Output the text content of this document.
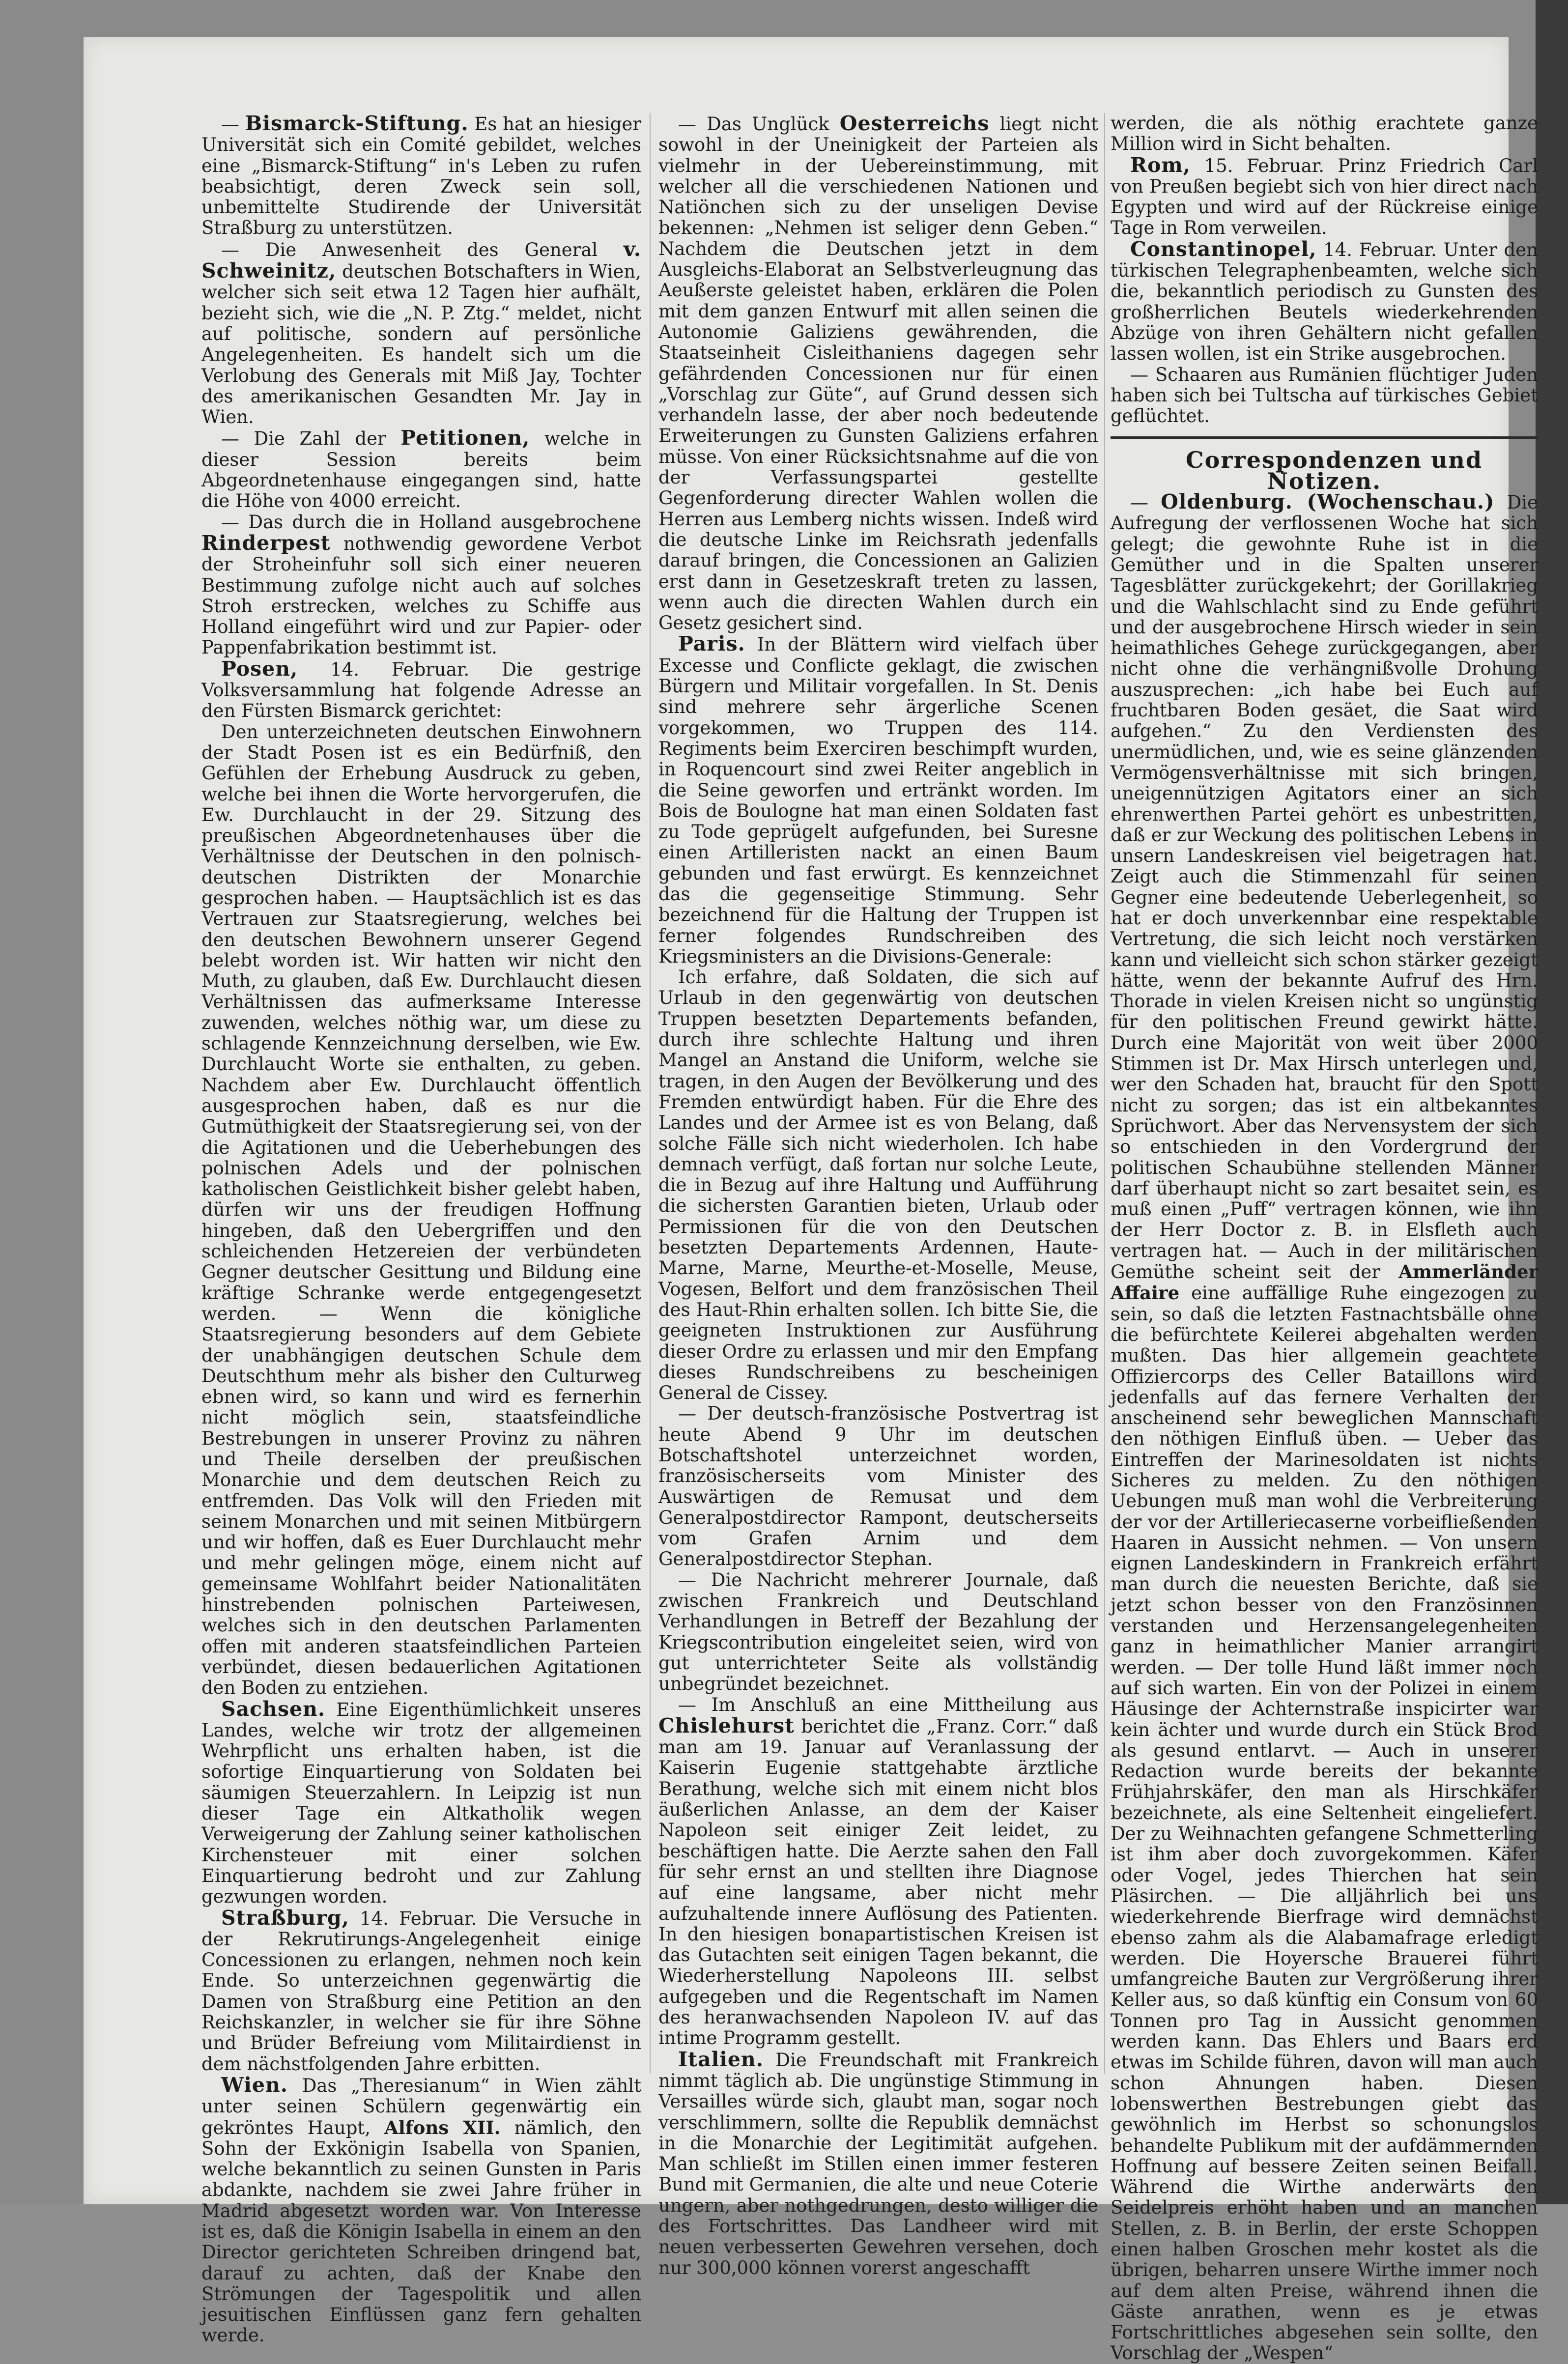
— Bismarck-Stiftung. Es hat an hiesiger Universität sich ein Comité gebildet, welches eine „Bismarck-Stiftung“ in's Leben zu rufen beabsichtigt, deren Zweck sein soll, unbemittelte Studirende der Universität Straßburg zu unterstützen.

— Die Anwesenheit des General v. Schweinitz, deutschen Botschafters in Wien, welcher sich seit etwa 12 Tagen hier aufhält, bezieht sich, wie die „N. P. Ztg.“ meldet, nicht auf politische, sondern auf persönliche Angelegenheiten. Es handelt sich um die Verlobung des Generals mit Miß Jay, Tochter des amerikanischen Gesandten Mr. Jay in Wien.

— Die Zahl der Petitionen, welche in dieser Session bereits beim Abgeordnetenhause eingegangen sind, hatte die Höhe von 4000 erreicht.

— Das durch die in Holland ausgebrochene Rinderpest nothwendig gewordene Verbot der Stroheinfuhr soll sich einer neueren Bestimmung zufolge nicht auch auf solches Stroh erstrecken, welches zu Schiffe aus Holland eingeführt wird und zur Papier- oder Pappenfabrikation bestimmt ist.

Posen, 14. Februar. Die gestrige Volksversammlung hat folgende Adresse an den Fürsten Bismarck gerichtet:

Den unterzeichneten deutschen Einwohnern der Stadt Posen ist es ein Bedürfniß, den Gefühlen der Erhebung Ausdruck zu geben, welche bei ihnen die Worte hervorgerufen, die Ew. Durchlaucht in der 29. Sitzung des preußischen Abgeordnetenhauses über die Verhältnisse der Deutschen in den polnisch-deutschen Distrikten der Monarchie gesprochen haben. — Hauptsächlich ist es das Vertrauen zur Staatsregierung, welches bei den deutschen Bewohnern unserer Gegend belebt worden ist. Wir hatten wir nicht den Muth, zu glauben, daß Ew. Durchlaucht diesen Verhältnissen das aufmerksame Interesse zuwenden, welches nöthig war, um diese zu schlagende Kennzeichnung derselben, wie Ew. Durchlaucht Worte sie enthalten, zu geben. Nachdem aber Ew. Durchlaucht öffentlich ausgesprochen haben, daß es nur die Gutmüthigkeit der Staatsregierung sei, von der die Agitationen und die Ueberhebungen des polnischen Adels und der polnischen katholischen Geistlichkeit bisher gelebt haben, dürfen wir uns der freudigen Hoffnung hingeben, daß den Uebergriffen und den schleichenden Hetzereien der verbündeten Gegner deutscher Gesittung und Bildung eine kräftige Schranke werde entgegengesetzt werden. — Wenn die königliche Staatsregierung besonders auf dem Gebiete der unabhängigen deutschen Schule dem Deutschthum mehr als bisher den Culturweg ebnen wird, so kann und wird es fernerhin nicht möglich sein, staatsfeindliche Bestrebungen in unserer Provinz zu nähren und Theile derselben der preußischen Monarchie und dem deutschen Reich zu entfremden. Das Volk will den Frieden mit seinem Monarchen und mit seinen Mitbürgern und wir hoffen, daß es Euer Durchlaucht mehr und mehr gelingen möge, einem nicht auf gemeinsame Wohlfahrt beider Nationalitäten hinstrebenden polnischen Parteiwesen, welches sich in den deutschen Parlamenten offen mit anderen staatsfeindlichen Parteien verbündet, diesen bedauerlichen Agitationen den Boden zu entziehen.

Sachsen. Eine Eigenthümlichkeit unseres Landes, welche wir trotz der allgemeinen Wehrpflicht uns erhalten haben, ist die sofortige Einquartierung von Soldaten bei säumigen Steuerzahlern. In Leipzig ist nun dieser Tage ein Altkatholik wegen Verweigerung der Zahlung seiner katholischen Kirchensteuer mit einer solchen Einquartierung bedroht und zur Zahlung gezwungen worden.

Straßburg, 14. Februar. Die Versuche in der Rekrutirungs-Angelegenheit einige Concessionen zu erlangen, nehmen noch kein Ende. So unterzeichnen gegenwärtig die Damen von Straßburg eine Petition an den Reichskanzler, in welcher sie für ihre Söhne und Brüder Befreiung vom Militairdienst in dem nächstfolgenden Jahre erbitten.

Wien. Das „Theresianum“ in Wien zählt unter seinen Schülern gegenwärtig ein gekröntes Haupt, Alfons XII. nämlich, den Sohn der Exkönigin Isabella von Spanien, welche bekanntlich zu seinen Gunsten in Paris abdankte, nachdem sie zwei Jahre früher in Madrid abgesetzt worden war. Von Interesse ist es, daß die Königin Isabella in einem an den Director gerichteten Schreiben dringend bat, darauf zu achten, daß der Knabe den Strömungen der Tagespolitik und allen jesuitischen Einflüssen ganz fern gehalten werde.

— Das Unglück Oesterreichs liegt nicht sowohl in der Uneinigkeit der Parteien als vielmehr in der Uebereinstimmung, mit welcher all die verschiedenen Nationen und Natiönchen sich zu der unseligen Devise bekennen: „Nehmen ist seliger denn Geben.“ Nachdem die Deutschen jetzt in dem Ausgleichs-Elaborat an Selbstverleugnung das Aeußerste geleistet haben, erklären die Polen mit dem ganzen Entwurf mit allen seinen die Autonomie Galiziens gewährenden, die Staatseinheit Cisleithaniens dagegen sehr gefährdenden Concessionen nur für einen „Vorschlag zur Güte“, auf Grund dessen sich verhandeln lasse, der aber noch bedeutende Erweiterungen zu Gunsten Galiziens erfahren müsse. Von einer Rücksichtsnahme auf die von der Verfassungspartei gestellte Gegenforderung directer Wahlen wollen die Herren aus Lemberg nichts wissen. Indeß wird die deutsche Linke im Reichsrath jedenfalls darauf bringen, die Concessionen an Galizien erst dann in Gesetzeskraft treten zu lassen, wenn auch die directen Wahlen durch ein Gesetz gesichert sind.

Paris. In der Blättern wird vielfach über Excesse und Conflicte geklagt, die zwischen Bürgern und Militair vorgefallen. In St. Denis sind mehrere sehr ärgerliche Scenen vorgekommen, wo Truppen des 114. Regiments beim Exerciren beschimpft wurden, in Roquencourt sind zwei Reiter angeblich in die Seine geworfen und ertränkt worden. Im Bois de Boulogne hat man einen Soldaten fast zu Tode geprügelt aufgefunden, bei Suresne einen Artilleristen nackt an einen Baum gebunden und fast erwürgt. Es kennzeichnet das die gegenseitige Stimmung. Sehr bezeichnend für die Haltung der Truppen ist ferner folgendes Rundschreiben des Kriegsministers an die Divisions-Generale:

Ich erfahre, daß Soldaten, die sich auf Urlaub in den gegenwärtig von deutschen Truppen besetzten Departements befanden, durch ihre schlechte Haltung und ihren Mangel an Anstand die Uniform, welche sie tragen, in den Augen der Bevölkerung und des Fremden entwürdigt haben. Für die Ehre des Landes und der Armee ist es von Belang, daß solche Fälle sich nicht wiederholen. Ich habe demnach verfügt, daß fortan nur solche Leute, die in Bezug auf ihre Haltung und Aufführung die sichersten Garantien bieten, Urlaub oder Permissionen für die von den Deutschen besetzten Departements Ardennen, Haute-Marne, Marne, Meurthe-et-Moselle, Meuse, Vogesen, Belfort und dem französischen Theil des Haut-Rhin erhalten sollen. Ich bitte Sie, die geeigneten Instruktionen zur Ausführung dieser Ordre zu erlassen und mir den Empfang dieses Rundschreibens zu bescheinigen General de Cissey.

— Der deutsch-französische Postvertrag ist heute Abend 9 Uhr im deutschen Botschaftshotel unterzeichnet worden, französischerseits vom Minister des Auswärtigen de Remusat und dem Generalpostdirector Rampont, deutscherseits vom Grafen Arnim und dem Generalpostdirector Stephan.

— Die Nachricht mehrerer Journale, daß zwischen Frankreich und Deutschland Verhandlungen in Betreff der Bezahlung der Kriegscontribution eingeleitet seien, wird von gut unterrichteter Seite als vollständig unbegründet bezeichnet.

— Im Anschluß an eine Mittheilung aus Chislehurst berichtet die „Franz. Corr.“ daß man am 19. Januar auf Veranlassung der Kaiserin Eugenie stattgehabte ärztliche Berathung, welche sich mit einem nicht blos äußerlichen Anlasse, an dem der Kaiser Napoleon seit einiger Zeit leidet, zu beschäftigen hatte. Die Aerzte sahen den Fall für sehr ernst an und stellten ihre Diagnose auf eine langsame, aber nicht mehr aufzuhaltende innere Auflösung des Patienten. In den hiesigen bonapartistischen Kreisen ist das Gutachten seit einigen Tagen bekannt, die Wiederherstellung Napoleons III. selbst aufgegeben und die Regentschaft im Namen des heranwachsenden Napoleon IV. auf das intime Programm gestellt.

Italien. Die Freundschaft mit Frankreich nimmt täglich ab. Die ungünstige Stimmung in Versailles würde sich, glaubt man, sogar noch verschlimmern, sollte die Republik demnächst in die Monarchie der Legitimität aufgehen. Man schließt im Stillen einen immer festeren Bund mit Germanien, die alte und neue Coterie ungern, aber nothgedrungen, desto williger die des Fortschrittes. Das Landheer wird mit neuen verbesserten Gewehren versehen, doch nur 300,000 können vorerst angeschafft

werden, die als nöthig erachtete ganze Million wird in Sicht behalten.

Rom, 15. Februar. Prinz Friedrich Carl von Preußen begiebt sich von hier direct nach Egypten und wird auf der Rückreise einige Tage in Rom verweilen.

Constantinopel, 14. Februar. Unter den türkischen Telegraphenbeamten, welche sich die, bekanntlich periodisch zu Gunsten des großherrlichen Beutels wiederkehrenden Abzüge von ihren Gehältern nicht gefallen lassen wollen, ist ein Strike ausgebrochen.

— Schaaren aus Rumänien flüchtiger Juden haben sich bei Tultscha auf türkisches Gebiet geflüchtet.

Correspondenzen und Notizen.

— Oldenburg. (Wochenschau.) Die Aufregung der verflossenen Woche hat sich gelegt; die gewohnte Ruhe ist in die Gemüther und in die Spalten unserer Tagesblätter zurückgekehrt; der Gorillakrieg und die Wahlschlacht sind zu Ende geführt und der ausgebrochene Hirsch wieder in sein heimathliches Gehege zurückgegangen, aber nicht ohne die verhängnißvolle Drohung auszusprechen: „ich habe bei Euch auf fruchtbaren Boden gesäet, die Saat wird aufgehen.“ Zu den Verdiensten des unermüdlichen, und, wie es seine glänzenden Vermögensverhältnisse mit sich bringen, uneigennützigen Agitators einer an sich ehrenwerthen Partei gehört es unbestritten, daß er zur Weckung des politischen Lebens in unsern Landeskreisen viel beigetragen hat. Zeigt auch die Stimmenzahl für seinen Gegner eine bedeutende Ueberlegenheit, so hat er doch unverkennbar eine respektable Vertretung, die sich leicht noch verstärken kann und vielleicht sich schon stärker gezeigt hätte, wenn der bekannte Aufruf des Hrn. Thorade in vielen Kreisen nicht so ungünstig für den politischen Freund gewirkt hätte. Durch eine Majorität von weit über 2000 Stimmen ist Dr. Max Hirsch unterlegen und, wer den Schaden hat, braucht für den Spott nicht zu sorgen; das ist ein altbekanntes Sprüchwort. Aber das Nervensystem der sich so entschieden in den Vordergrund der politischen Schaubühne stellenden Männer darf überhaupt nicht so zart besaitet sein, es muß einen „Puff“ vertragen können, wie ihn der Herr Doctor z. B. in Elsfleth auch vertragen hat. — Auch in der militärischen Gemüthe scheint seit der Ammerländer Affaire eine auffällige Ruhe eingezogen zu sein, so daß die letzten Fastnachtsbälle ohne die befürchtete Keilerei abgehalten werden mußten. Das hier allgemein geachtete Offiziercorps des Celler Bataillons wird jedenfalls auf das fernere Verhalten der anscheinend sehr beweglichen Mannschaft den nöthigen Einfluß üben. — Ueber das Eintreffen der Marinesoldaten ist nichts Sicheres zu melden. Zu den nöthigen Uebungen muß man wohl die Verbreiterung der vor der Artilleriecaserne vorbeifließenden Haaren in Aussicht nehmen. — Von unsern eignen Landeskindern in Frankreich erfährt man durch die neuesten Berichte, daß sie jetzt schon besser von den Französinnen verstanden und Herzensangelegenheiten ganz in heimathlicher Manier arrangirt werden. — Der tolle Hund läßt immer noch auf sich warten. Ein von der Polizei in einem Häusinge der Achternstraße inspicirter war kein ächter und wurde durch ein Stück Brod als gesund entlarvt. — Auch in unserer Redaction wurde bereits der bekannte Frühjahrskäfer, den man als Hirschkäfer bezeichnete, als eine Seltenheit eingeliefert. Der zu Weihnachten gefangene Schmetterling ist ihm aber doch zuvorgekommen. Käfer oder Vogel, jedes Thierchen hat sein Pläsirchen. — Die alljährlich bei uns wiederkehrende Bierfrage wird demnächst ebenso zahm als die Alabamafrage erledigt werden. Die Hoyersche Brauerei führt umfangreiche Bauten zur Vergrößerung ihrer Keller aus, so daß künftig ein Consum von 60 Tonnen pro Tag in Aussicht genommen werden kann. Das Ehlers und Baars erd etwas im Schilde führen, davon will man auch schon Ahnungen haben. Diesen lobenswerthen Bestrebungen giebt das gewöhnlich im Herbst so schonungslos behandelte Publikum mit der aufdämmernden Hoffnung auf bessere Zeiten seinen Beifall. Während die Wirthe anderwärts den Seidelpreis erhöht haben und an manchen Stellen, z. B. in Berlin, der erste Schoppen einen halben Groschen mehr kostet als die übrigen, beharren unsere Wirthe immer noch auf dem alten Preise, während ihnen die Gäste anrathen, wenn es je etwas Fortschrittliches abgesehen sein sollte, den Vorschlag der „Wespen“
